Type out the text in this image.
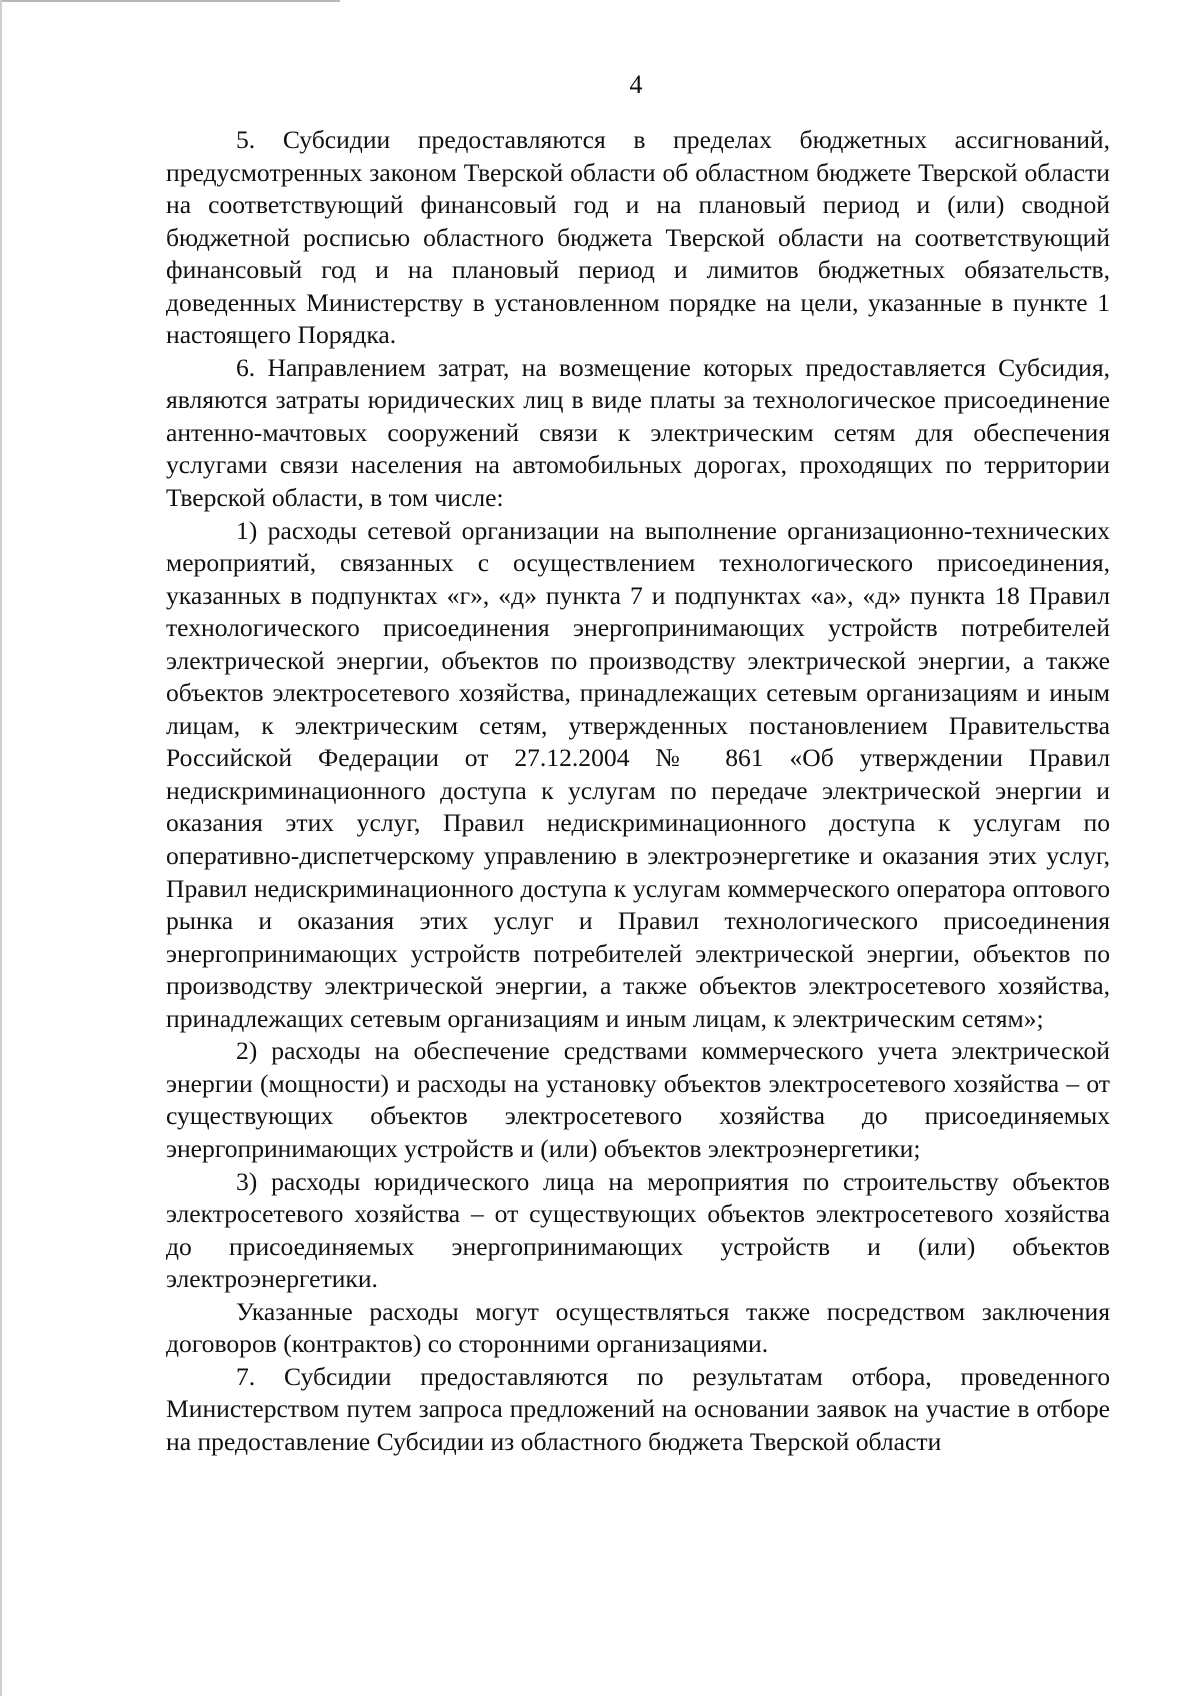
4

5. Субсидии предоставляются в пределах бюджетных ассигнований, предусмотренных законом Тверской области об областном бюджете Тверской области на соответствующий финансовый год и на плановый период и (или) сводной бюджетной росписью областного бюджета Тверской области на соответствующий финансовый год и на плановый период и лимитов бюджетных обязательств, доведенных Министерству в установленном порядке на цели, указанные в пункте 1 настоящего Порядка.

6. Направлением затрат, на возмещение которых предоставляется Субсидия, являются затраты юридических лиц в виде платы за технологическое присоединение антенно-мачтовых сооружений связи к электрическим сетям для обеспечения услугами связи населения на автомобильных дорогах, проходящих по территории Тверской области, в том числе:

1) расходы сетевой организации на выполнение организационно-технических мероприятий, связанных с осуществлением технологического присоединения, указанных в подпунктах «г», «д» пункта 7 и подпунктах «а», «д» пункта 18 Правил технологического присоединения энергопринимающих устройств потребителей электрической энергии, объектов по производству электрической энергии, а также объектов электросетевого хозяйства, принадлежащих сетевым организациям и иным лицам, к электрическим сетям, утвержденных постановлением Правительства Российской Федерации от 27.12.2004 № 861 «Об утверждении Правил недискриминационного доступа к услугам по передаче электрической энергии и оказания этих услуг, Правил недискриминационного доступа к услугам по оперативно-диспетчерскому управлению в электроэнергетике и оказания этих услуг, Правил недискриминационного доступа к услугам коммерческого оператора оптового рынка и оказания этих услуг и Правил технологического присоединения энергопринимающих устройств потребителей электрической энергии, объектов по производству электрической энергии, а также объектов электросетевого хозяйства, принадлежащих сетевым организациям и иным лицам, к электрическим сетям»;

2) расходы на обеспечение средствами коммерческого учета электрической энергии (мощности) и расходы на установку объектов электросетевого хозяйства – от существующих объектов электросетевого хозяйства до присоединяемых энергопринимающих устройств и (или) объектов электроэнергетики;

3) расходы юридического лица на мероприятия по строительству объектов электросетевого хозяйства – от существующих объектов электросетевого хозяйства до присоединяемых энергопринимающих устройств и (или) объектов электроэнергетики.

Указанные расходы могут осуществляться также посредством заключения договоров (контрактов) со сторонними организациями.

7. Субсидии предоставляются по результатам отбора, проведенного Министерством путем запроса предложений на основании заявок на участие в отборе на предоставление Субсидии из областного бюджета Тверской области
